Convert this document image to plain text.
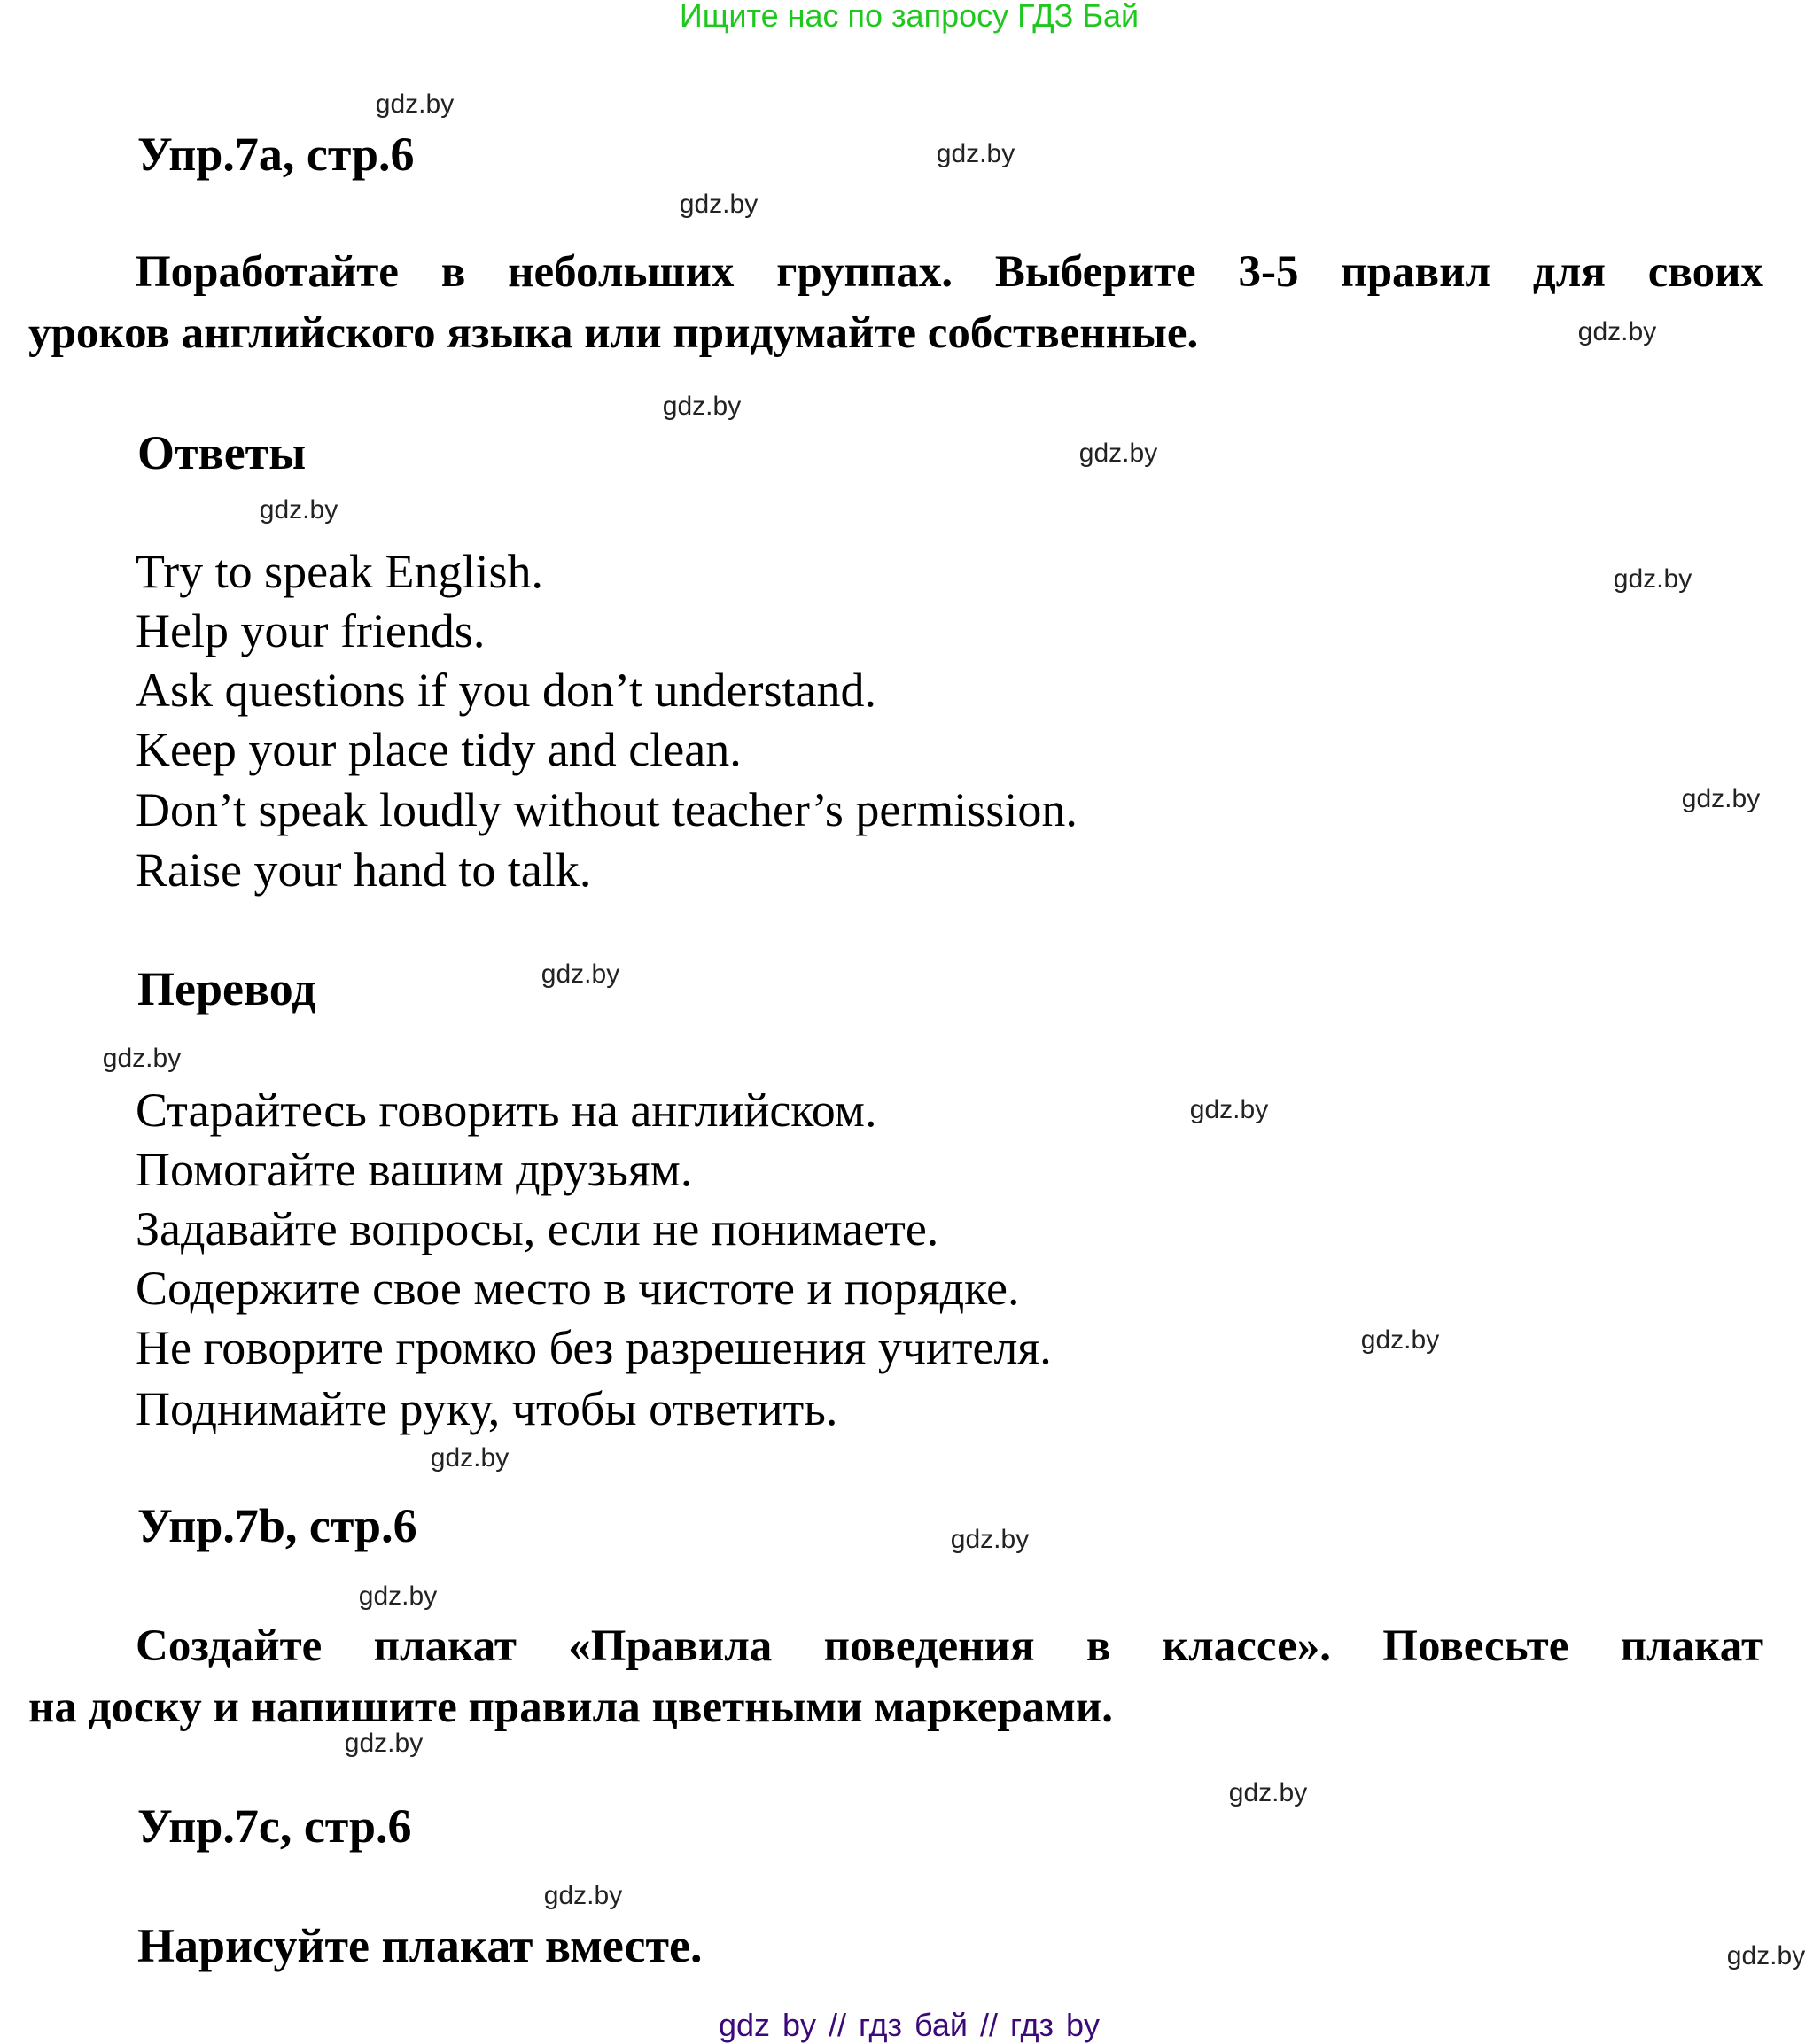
Ищите нас по запросу ГДЗ Бай
Упр.7a, стр.6
Поработайте в небольших группах. Выберите 3-5 правил для своих
уроков английского языка или придумайте собственные.
Ответы
Try to speak English.
Help your friends.
Ask questions if you don’t understand.
Keep your place tidy and clean.
Don’t speak loudly without teacher’s permission.
Raise your hand to talk.
Перевод
Старайтесь говорить на английском.
Помогайте вашим друзьям.
Задавайте вопросы, если не понимаете.
Содержите свое место в чистоте и порядке.
Не говорите громко без разрешения учителя.
Поднимайте руку, чтобы ответить.
Упр.7b, стр.6
Создайте плакат «Правила поведения в классе». Повесьте плакат
на доску и напишите правила цветными маркерами.
Упр.7c, стр.6
Нарисуйте плакат вместе.
gdz.by
gdz.by
gdz.by
gdz.by
gdz.by
gdz.by
gdz.by
gdz.by
gdz.by
gdz.by
gdz.by
gdz.by
gdz.by
gdz.by
gdz.by
gdz.by
gdz.by
gdz.by
gdz.by
gdz.by
gdz by // гдз бай // гдз by
